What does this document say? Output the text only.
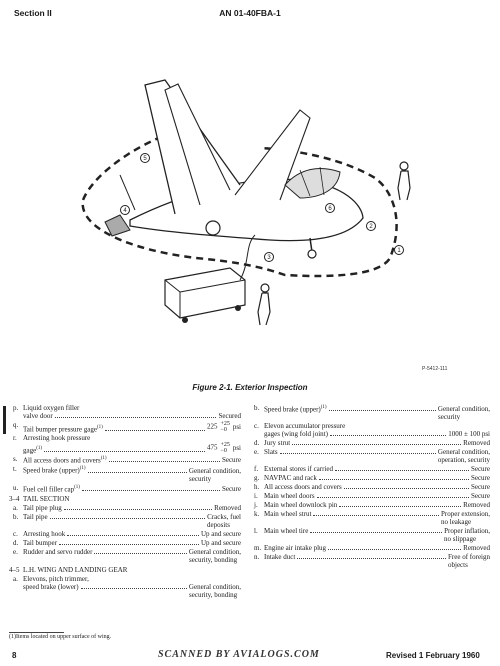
Section II	AN 01-40FBA-1
1
2
3
4
5
6
P-5412-111
Figure 2-1. Exterior Inspection
p. Liquid oxygen filler
valve door	Secured
q. Tail bumper pressure gage$^{(1)}$	225 +25
−0 psi
r. Arresting hook pressure
gage$^{(1)}$	475 +25
−0 psi
s. All access doors and covers$^{(1)}$	Secure
t. Speed brake (upper)$^{(1)}$	General condition,
security
u. Fuel cell filler cap$^{(1)}$	Secure
3–4 TAIL SECTION
a. Tail pipe plug	Removed
b. Tail pipe	Cracks, fuel
deposits
c. Arresting hook	Up and secure
d. Tail bumper	Up and secure
e. Rudder and servo rudder	General condition,
security, bonding
4–5 L.H. WING AND LANDING GEAR
a. Elevons, pitch trimmer,
speed brake (lower)	General condition,
security, bonding
b. Speed brake (upper)$^{(1)}$	General condition,
security
c. Elevon accumulator pressure
gages (wing fold joint)	1000 ± 100 psi
d. Jury strut	Removed
e. Slats	General condition,
operation, security
f. External stores if carried	Secure
g. NAVPAC and rack	Secure
h. All access doors and covers	Secure
i. Main wheel doors	Secure
j. Main wheel downlock pin	Removed
k. Main wheel strut	Proper extension,
no leakage
l. Main wheel tire	Proper inflation,
no slippage
m. Engine air intake plug	Removed
n. Intake duct	Free of foreign
objects
(1)Items located on upper surface of wing.
8	SCANNED BY AVIALOGS.COM	Revised 1 February 1960
